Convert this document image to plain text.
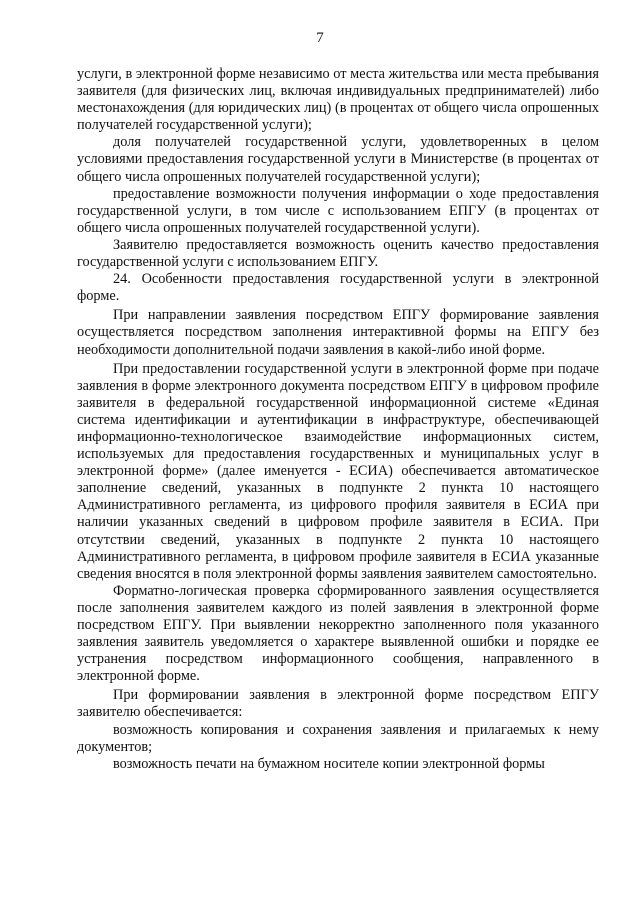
7

услуги, в электронной форме независимо от места жительства или места пребывания заявителя (для физических лиц, включая индивидуальных предпринимателей) либо местонахождения (для юридических лиц) (в процентах от общего числа опрошенных получателей государственной услуги);

доля получателей государственной услуги, удовлетворенных в целом условиями предоставления государственной услуги в Министерстве (в процентах от общего числа опрошенных получателей государственной услуги);

предоставление возможности получения информации о ходе предоставления государственной услуги, в том числе с использованием ЕПГУ (в процентах от общего числа опрошенных получателей государственной услуги).

Заявителю предоставляется возможность оценить качество предоставления государственной услуги с использованием ЕПГУ.

24. Особенности предоставления государственной услуги в электронной форме.

При направлении заявления посредством ЕПГУ формирование заявления осуществляется посредством заполнения интерактивной формы на ЕПГУ без необходимости дополнительной подачи заявления в какой-либо иной форме.

При предоставлении государственной услуги в электронной форме при подаче заявления в форме электронного документа посредством ЕПГУ в цифровом профиле заявителя в федеральной государственной информационной системе «Единая система идентификации и аутентификации в инфраструктуре, обеспечивающей информационно-технологическое взаимодействие информационных систем, используемых для предоставления государственных и муниципальных услуг в электронной форме» (далее именуется - ЕСИА) обеспечивается автоматическое заполнение сведений, указанных в подпункте 2 пункта 10 настоящего Административного регламента, из цифрового профиля заявителя в ЕСИА при наличии указанных сведений в цифровом профиле заявителя в ЕСИА. При отсутствии сведений, указанных в подпункте 2 пункта 10 настоящего Административного регламента, в цифровом профиле заявителя в ЕСИА указанные сведения вносятся в поля электронной формы заявления заявителем самостоятельно.

Форматно-логическая проверка сформированного заявления осуществляется после заполнения заявителем каждого из полей заявления в электронной форме посредством ЕПГУ. При выявлении некорректно заполненного поля указанного заявления заявитель уведомляется о характере выявленной ошибки и порядке ее устранения посредством информационного сообщения, направленного в электронной форме.

При формировании заявления в электронной форме посредством ЕПГУ заявителю обеспечивается:

возможность копирования и сохранения заявления и прилагаемых к нему документов;

возможность печати на бумажном носителе копии электронной формы
